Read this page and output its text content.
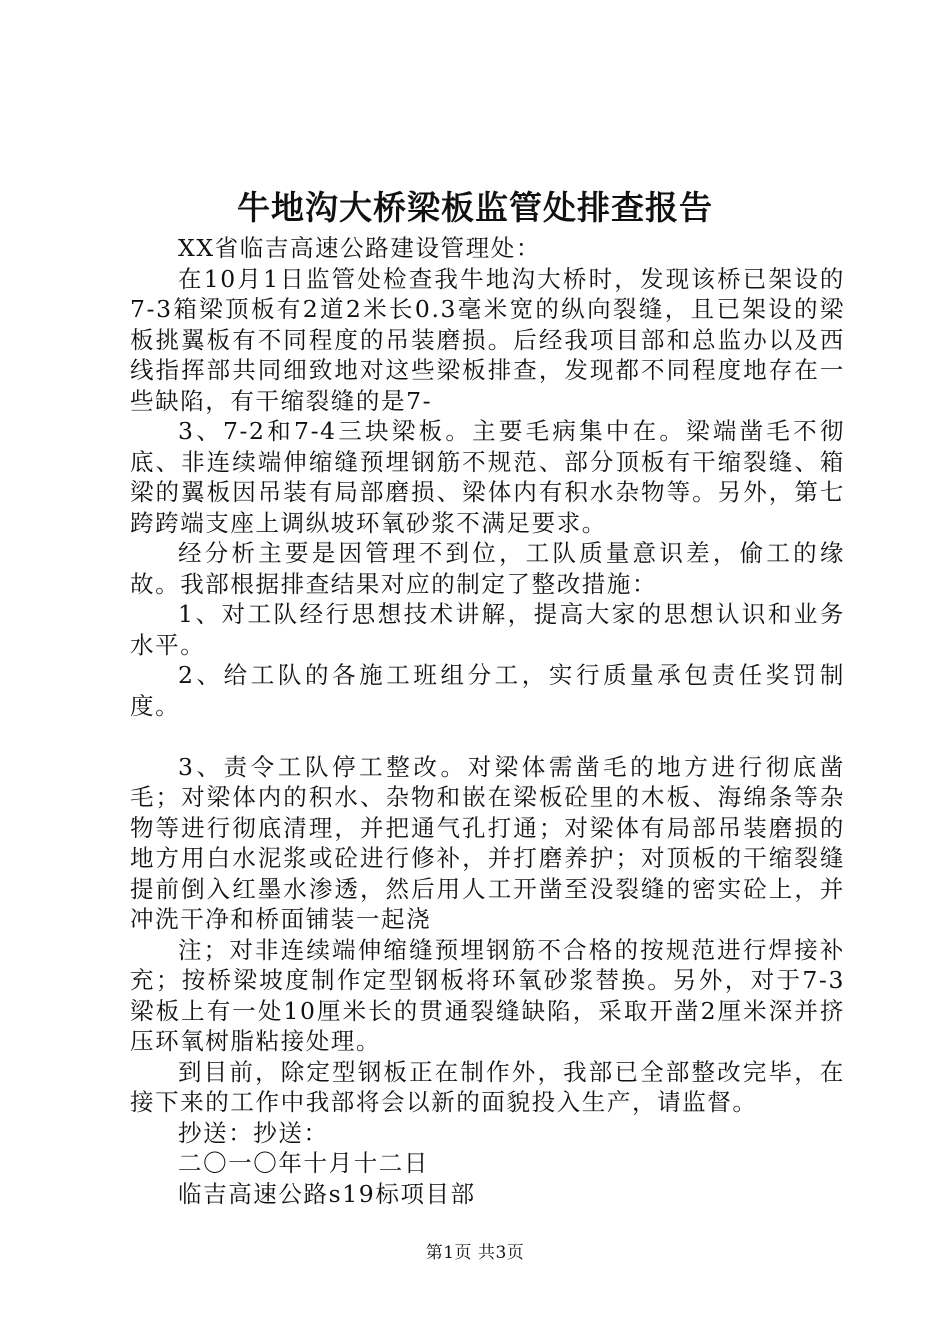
牛地沟大桥梁板监管处排查报告

XX省临吉高速公路建设管理处：

在10月1日监管处检查我牛地沟大桥时，发现该桥已架设的7-3箱梁顶板有2道2米长0.3毫米宽的纵向裂缝，且已架设的梁板挑翼板有不同程度的吊装磨损。后经我项目部和总监办以及西线指挥部共同细致地对这些梁板排查，发现都不同程度地存在一些缺陷，有干缩裂缝的是7-

3、7-2和7-4三块梁板。主要毛病集中在。梁端凿毛不彻底、非连续端伸缩缝预埋钢筋不规范、部分顶板有干缩裂缝、箱梁的翼板因吊装有局部磨损、梁体内有积水杂物等。另外，第七跨跨端支座上调纵坡环氧砂浆不满足要求。

经分析主要是因管理不到位，工队质量意识差，偷工的缘故。我部根据排查结果对应的制定了整改措施：

1、对工队经行思想技术讲解，提高大家的思想认识和业务水平。

2、给工队的各施工班组分工，实行质量承包责任奖罚制度。

3、责令工队停工整改。对梁体需凿毛的地方进行彻底凿毛；对梁体内的积水、杂物和嵌在梁板砼里的木板、海绵条等杂物等进行彻底清理，并把通气孔打通；对梁体有局部吊装磨损的地方用白水泥浆或砼进行修补，并打磨养护；对顶板的干缩裂缝提前倒入红墨水渗透，然后用人工开凿至没裂缝的密实砼上，并冲洗干净和桥面铺装一起浇

注；对非连续端伸缩缝预埋钢筋不合格的按规范进行焊接补充；按桥梁坡度制作定型钢板将环氧砂浆替换。另外，对于7-3梁板上有一处10厘米长的贯通裂缝缺陷，采取开凿2厘米深并挤压环氧树脂粘接处理。

到目前，除定型钢板正在制作外，我部已全部整改完毕，在接下来的工作中我部将会以新的面貌投入生产，请监督。

抄送：抄送：

二〇一〇年十月十二日

临吉高速公路s19标项目部

第1页 共3页
